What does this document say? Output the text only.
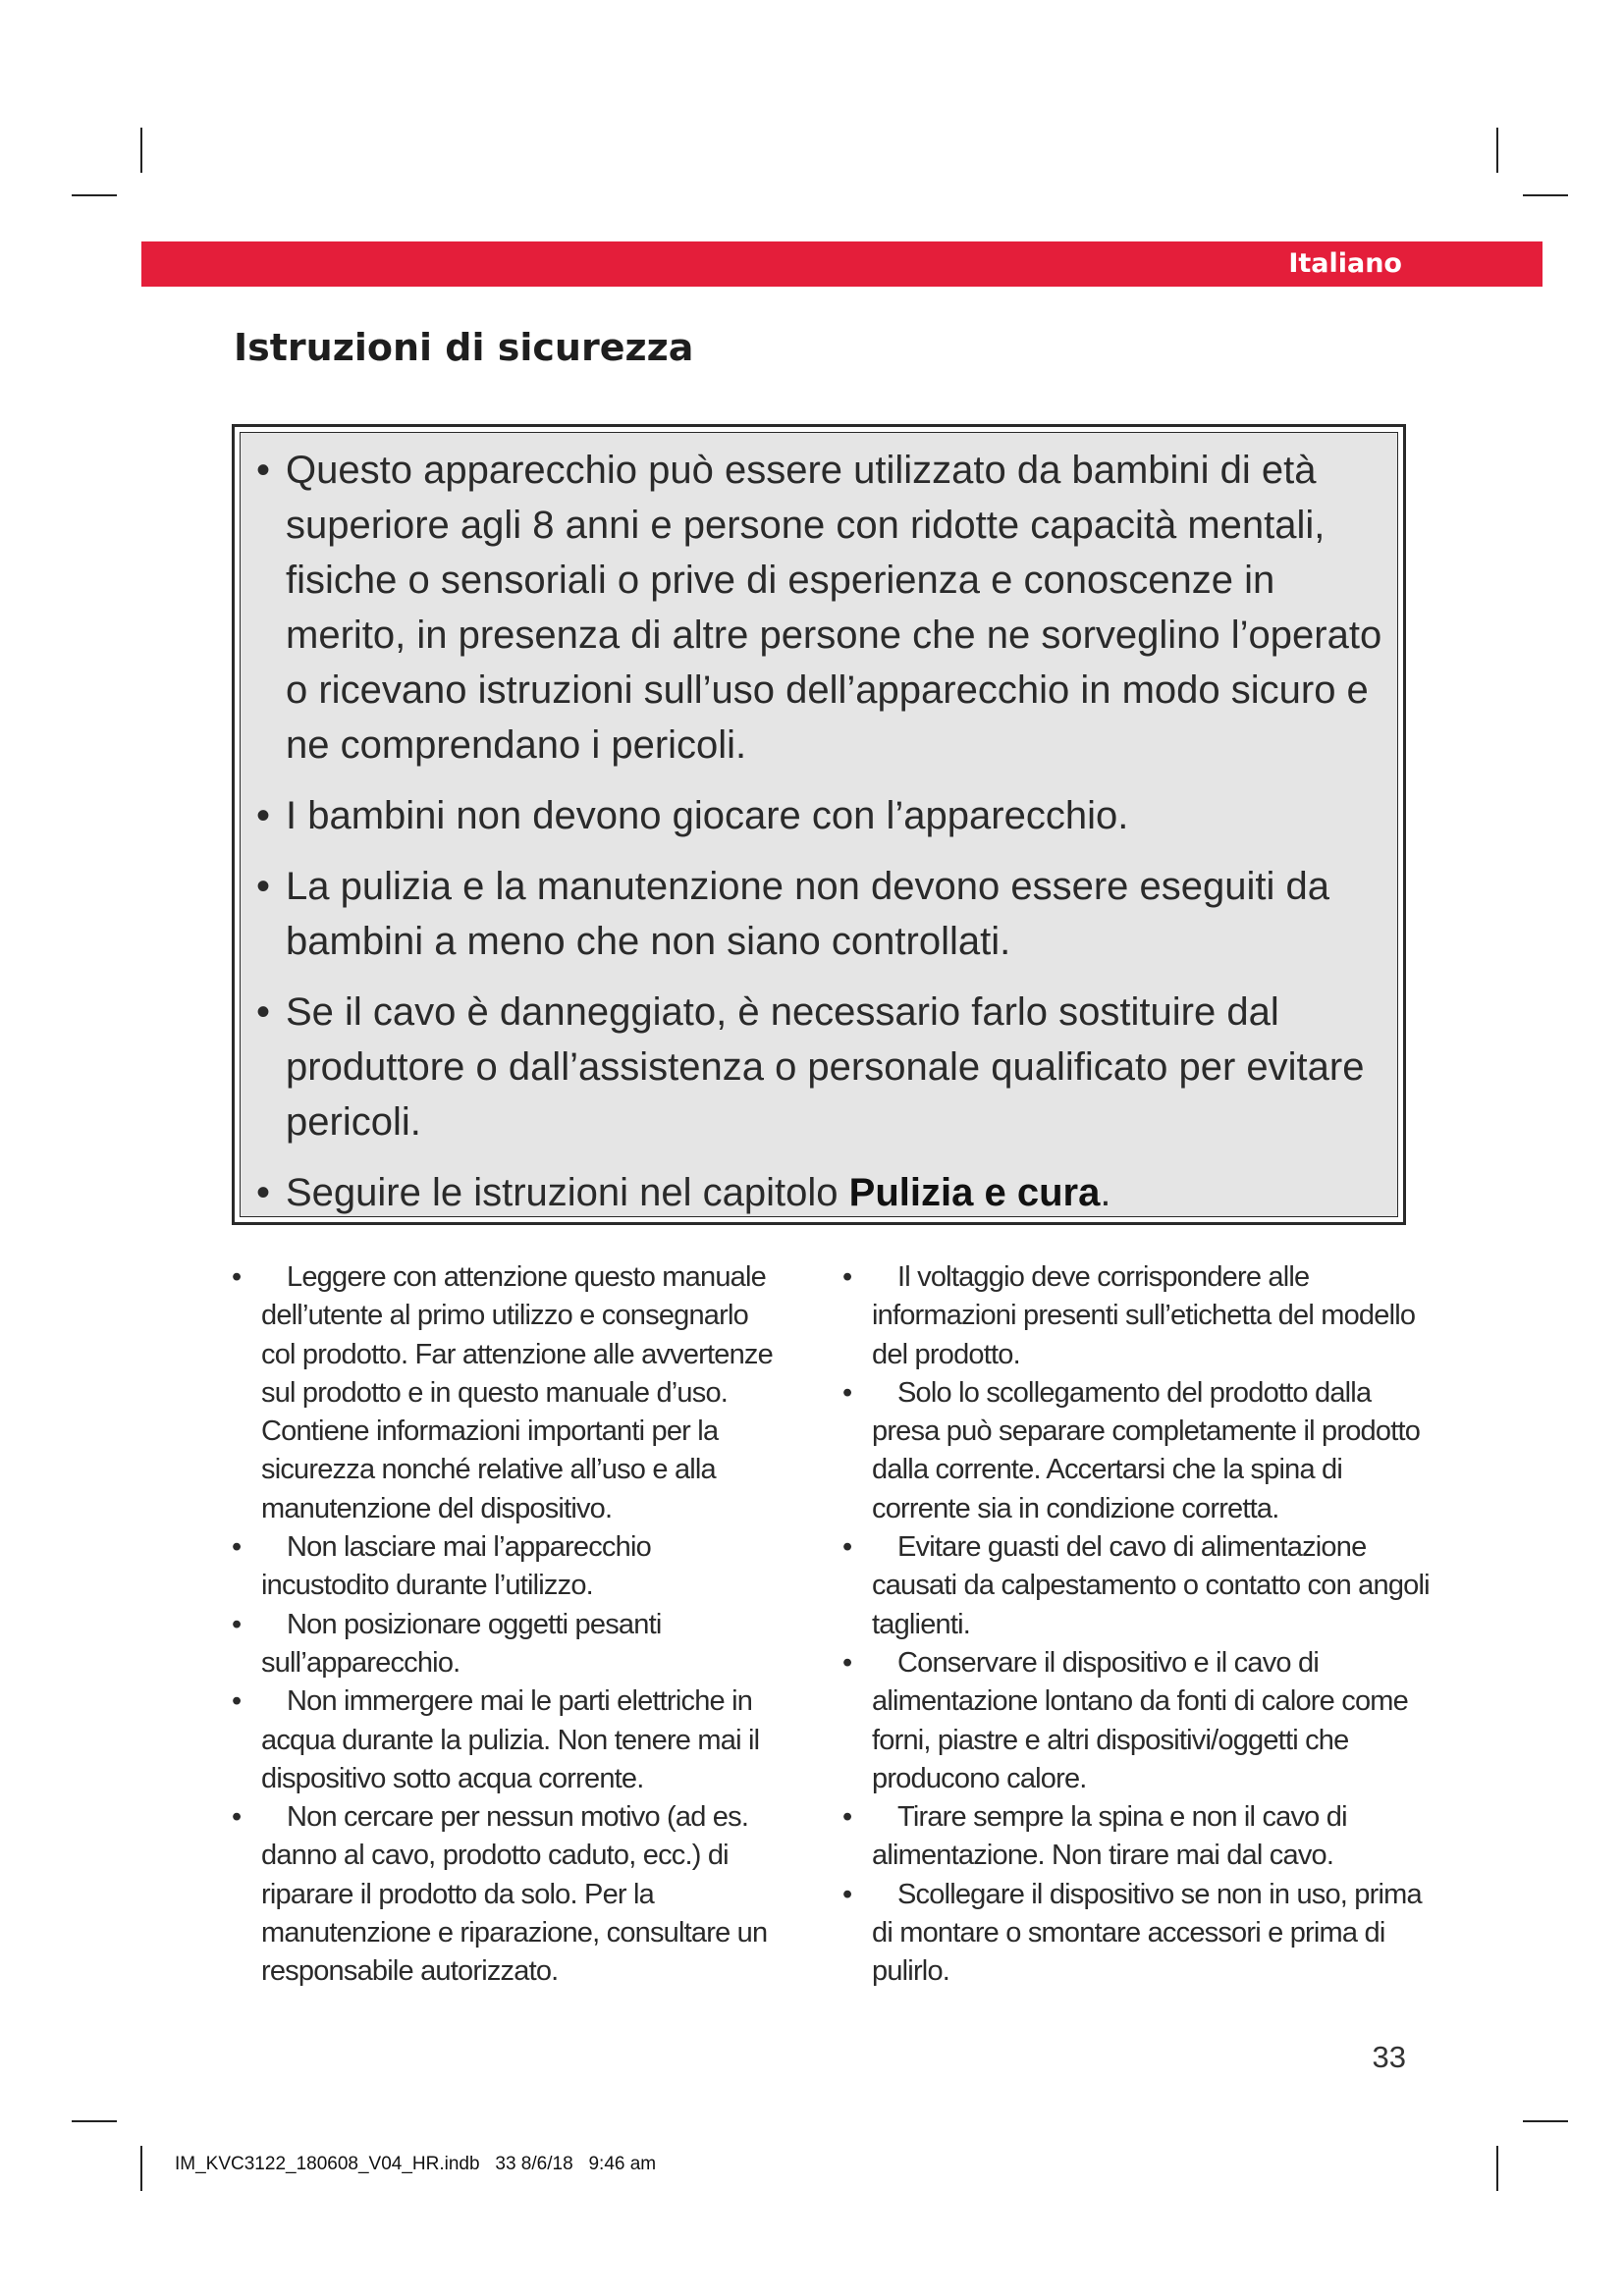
Italiano
Istruzioni di sicurezza
• Questo apparecchio può essere utilizzato da bambini di età superiore agli 8 anni e persone con ridotte capacità mentali, fisiche o sensoriali o prive di esperienza e conoscenze in merito, in presenza di altre persone che ne sorveglino l’operato o ricevano istruzioni sull’uso dell’apparecchio in modo sicuro e ne comprendano i pericoli.
• I bambini non devono giocare con l’apparecchio.
• La pulizia e la manutenzione non devono essere eseguiti da bambini a meno che non siano controllati.
• Se il cavo è danneggiato, è necessario farlo sostituire dal produttore o dall’assistenza o personale qualificato per evitare pericoli.
• Seguire le istruzioni nel capitolo Pulizia e cura.
•	Leggere con attenzione questo manuale dell’utente al primo utilizzo e consegnarlo col prodotto. Far attenzione alle avvertenze sul prodotto e in questo manuale d’uso. Contiene informazioni importanti per la sicurezza nonché relative all’uso e alla manutenzione del dispositivo.
•	Non lasciare mai l’apparecchio incustodito durante l’utilizzo.
•	Non posizionare oggetti pesanti sull’apparecchio.
•	Non immergere mai le parti elettriche in acqua durante la pulizia. Non tenere mai il dispositivo sotto acqua corrente.
•	Non cercare per nessun motivo (ad es. danno al cavo, prodotto caduto, ecc.) di riparare il prodotto da solo. Per la manutenzione e riparazione, consultare un responsabile autorizzato.
•	Il voltaggio deve corrispondere alle informazioni presenti sull’etichetta del modello del prodotto.
•	Solo lo scollegamento del prodotto dalla presa può separare completamente il prodotto dalla corrente. Accertarsi che la spina di corrente sia in condizione corretta.
•	Evitare guasti del cavo di alimentazione causati da calpestamento o contatto con angoli taglienti.
•	Conservare il dispositivo e il cavo di alimentazione lontano da fonti di calore come forni, piastre e altri dispositivi/oggetti che producono calore.
•	Tirare sempre la spina e non il cavo di alimentazione. Non tirare mai dal cavo.
•	Scollegare il dispositivo se non in uso, prima di montare o smontare accessori e prima di pulirlo.
33
IM_KVC3122_180608_V04_HR.indb   33 8/6/18   9:46 am
